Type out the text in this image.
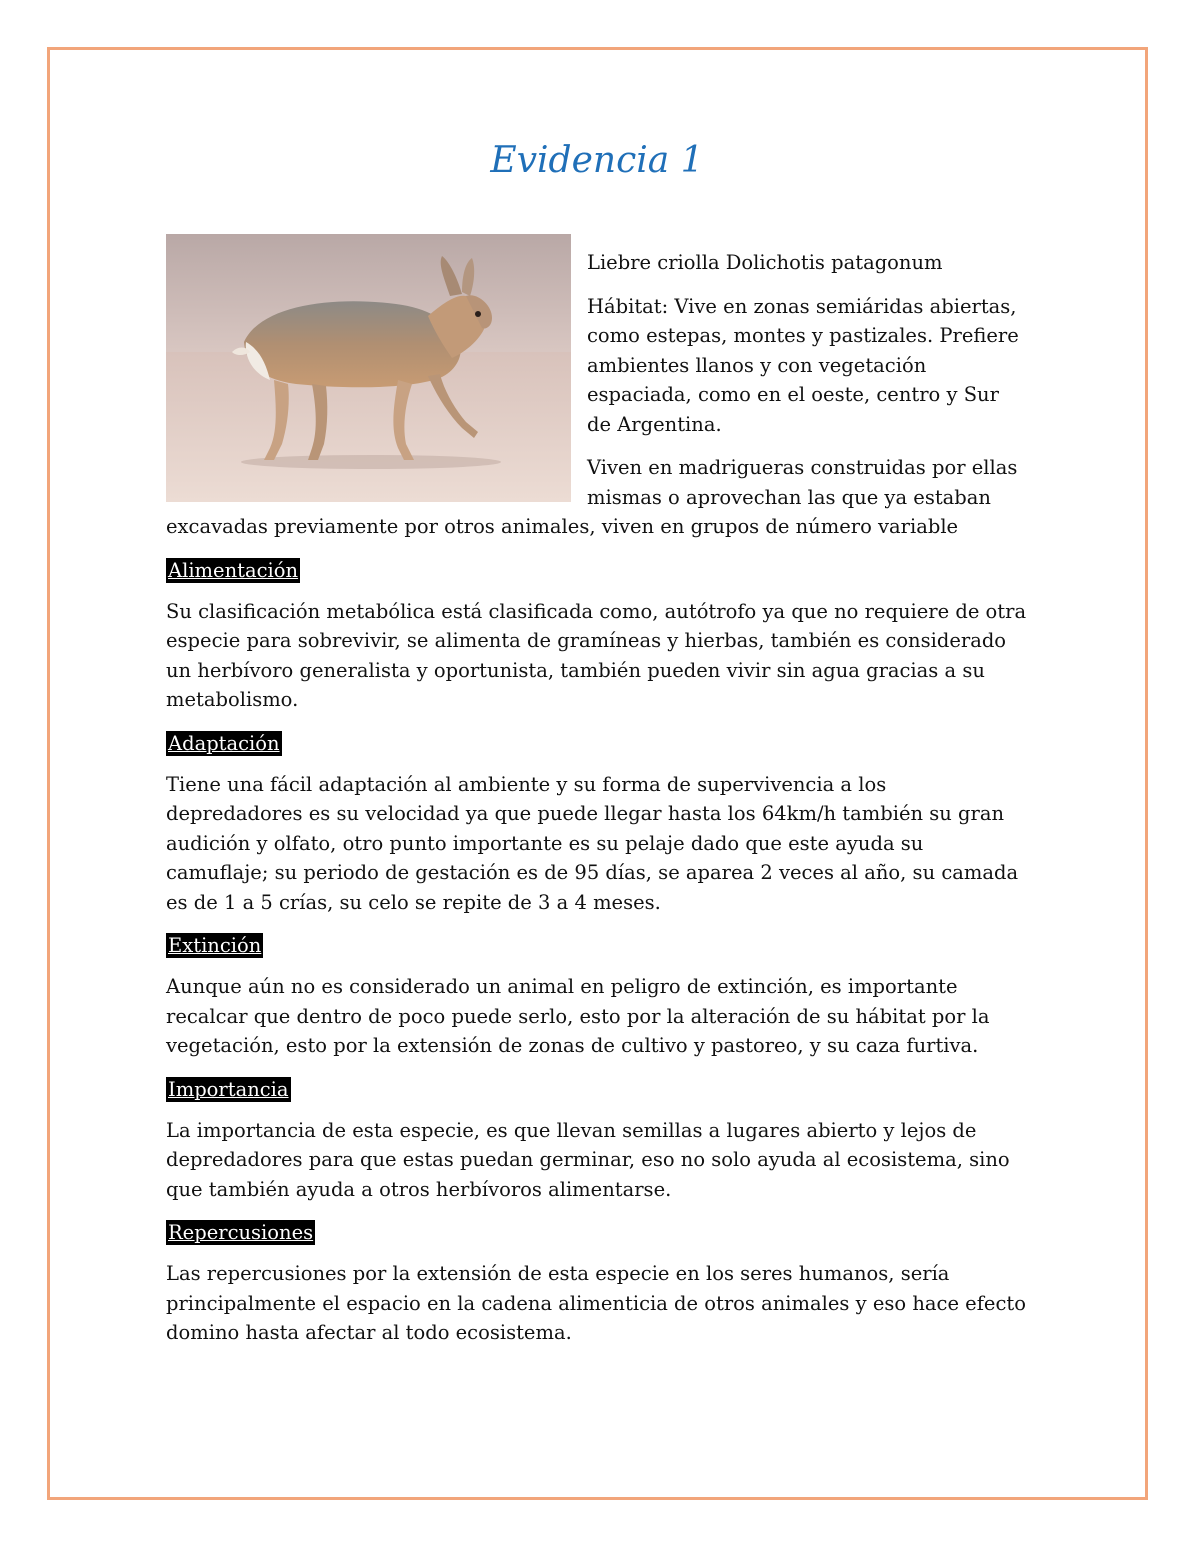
Evidencia 1

Liebre criolla Dolichotis patagonum

Hábitat: Vive en zonas semiáridas abiertas, como estepas, montes y pastizales. Prefiere ambientes llanos y con vegetación espaciada, como en el oeste, centro y Sur de Argentina.

Viven en madrigueras construidas por ellas mismas o aprovechan las que ya estaban excavadas previamente por otros animales, viven en grupos de número variable

Alimentación

Su clasificación metabólica está clasificada como, autótrofo ya que no requiere de otra especie para sobrevivir, se alimenta de gramíneas y hierbas, también es considerado un herbívoro generalista y oportunista, también pueden vivir sin agua gracias a su metabolismo.

Adaptación

Tiene una fácil adaptación al ambiente y su forma de supervivencia a los depredadores es su velocidad ya que puede llegar hasta los 64km/h también su gran audición y olfato, otro punto importante es su pelaje dado que este ayuda su camuflaje; su periodo de gestación es de 95 días, se aparea 2 veces al año, su camada es de 1 a 5 crías, su celo se repite de 3 a 4 meses.

Extinción

Aunque aún no es considerado un animal en peligro de extinción, es importante recalcar que dentro de poco puede serlo, esto por la alteración de su hábitat por la vegetación, esto por la extensión de zonas de cultivo y pastoreo, y su caza furtiva.

Importancia

La importancia de esta especie, es que llevan semillas a lugares abierto y lejos de depredadores para que estas puedan germinar, eso no solo ayuda al ecosistema, sino que también ayuda a otros herbívoros alimentarse.

Repercusiones

Las repercusiones por la extensión de esta especie en los seres humanos, sería principalmente el espacio en la cadena alimenticia de otros animales y eso hace efecto domino hasta afectar al todo ecosistema.
